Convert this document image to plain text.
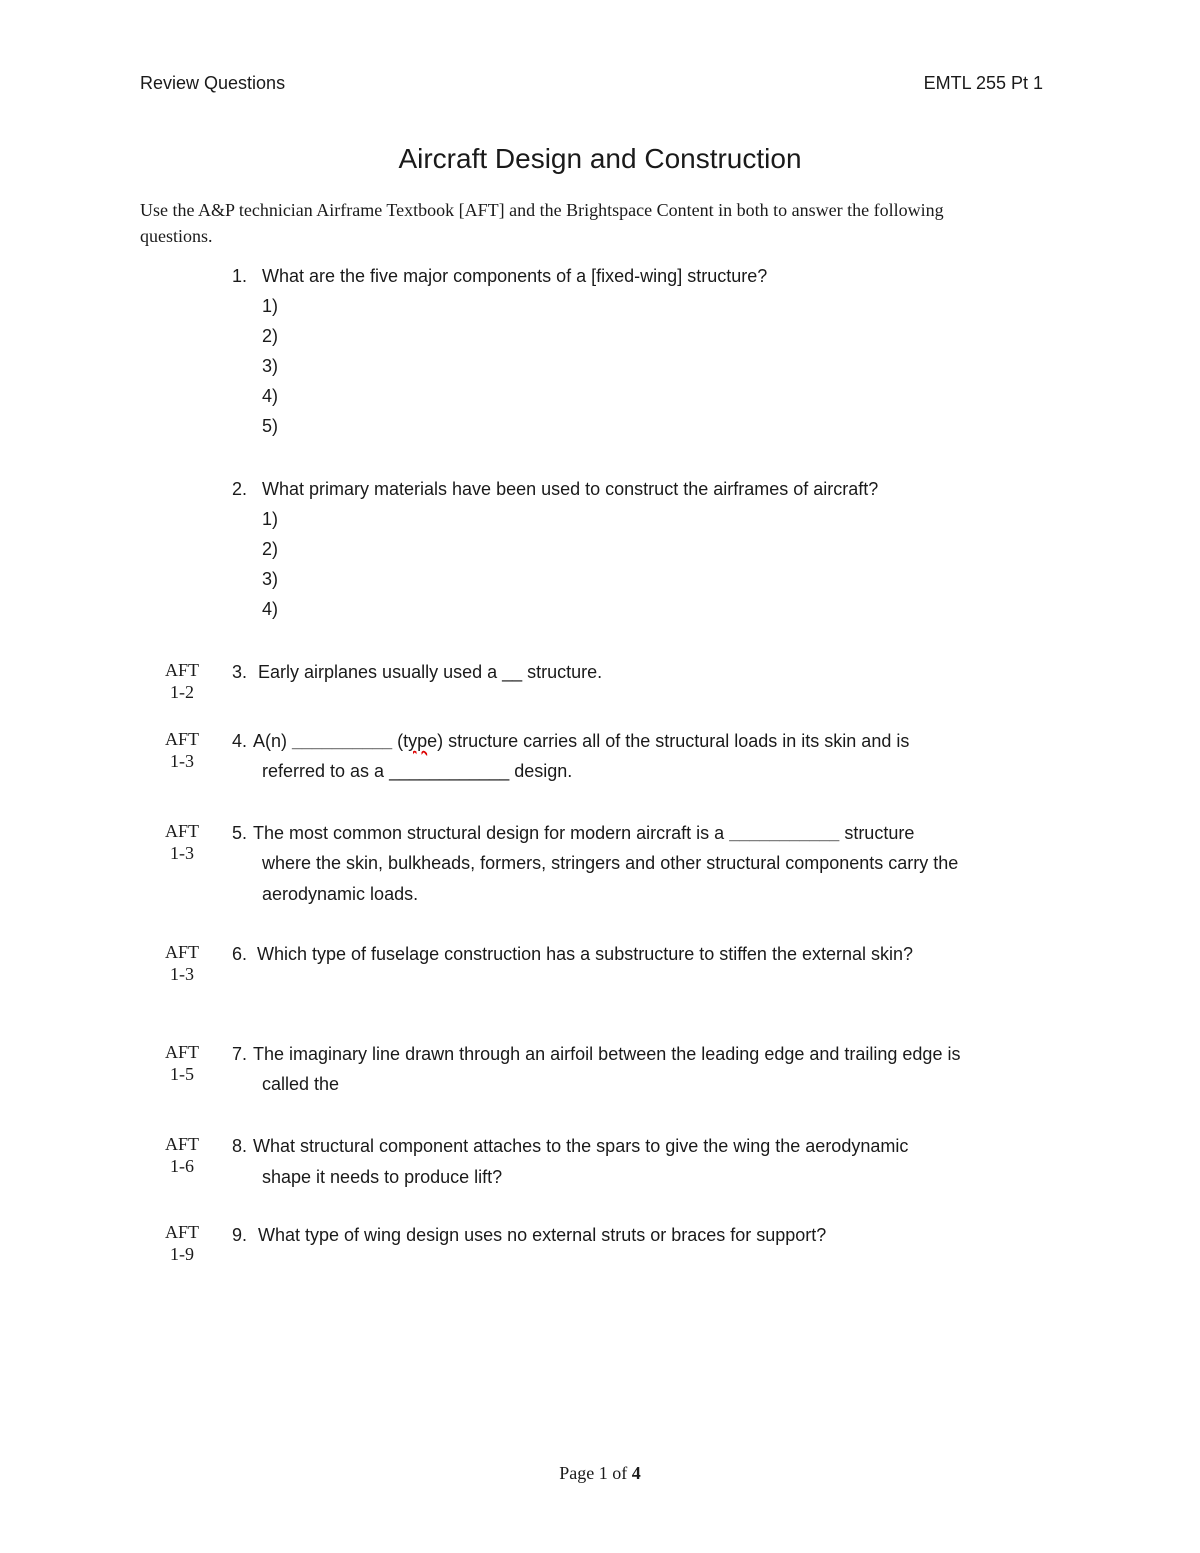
Review Questions	EMTL 255 Pt 1
Aircraft Design and Construction
Use the A&P technician Airframe Textbook [AFT] and the Brightspace Content in both to answer the following
questions.
1. What are the five major components of a [fixed-wing] structure?
1)
2)
3)
4)
5)
2. What primary materials have been used to construct the airframes of aircraft?
1)
2)
3)
4)
AFT
1-2
3. Early airplanes usually used a __ structure.
AFT
1-3
4. A(n) __________ (type) structure carries all of the structural loads in its skin and is
referred to as a ____________ design.
AFT
1-3
5. The most common structural design for modern aircraft is a ___________ structure
where the skin, bulkheads, formers, stringers and other structural components carry the
aerodynamic loads.
AFT
1-3
6. Which type of fuselage construction has a substructure to stiffen the external skin?
AFT
1-5
7. The imaginary line drawn through an airfoil between the leading edge and trailing edge is
called the
AFT
1-6
8. What structural component attaches to the spars to give the wing the aerodynamic
shape it needs to produce lift?
AFT
1-9
9. What type of wing design uses no external struts or braces for support?
Page 1 of 4
